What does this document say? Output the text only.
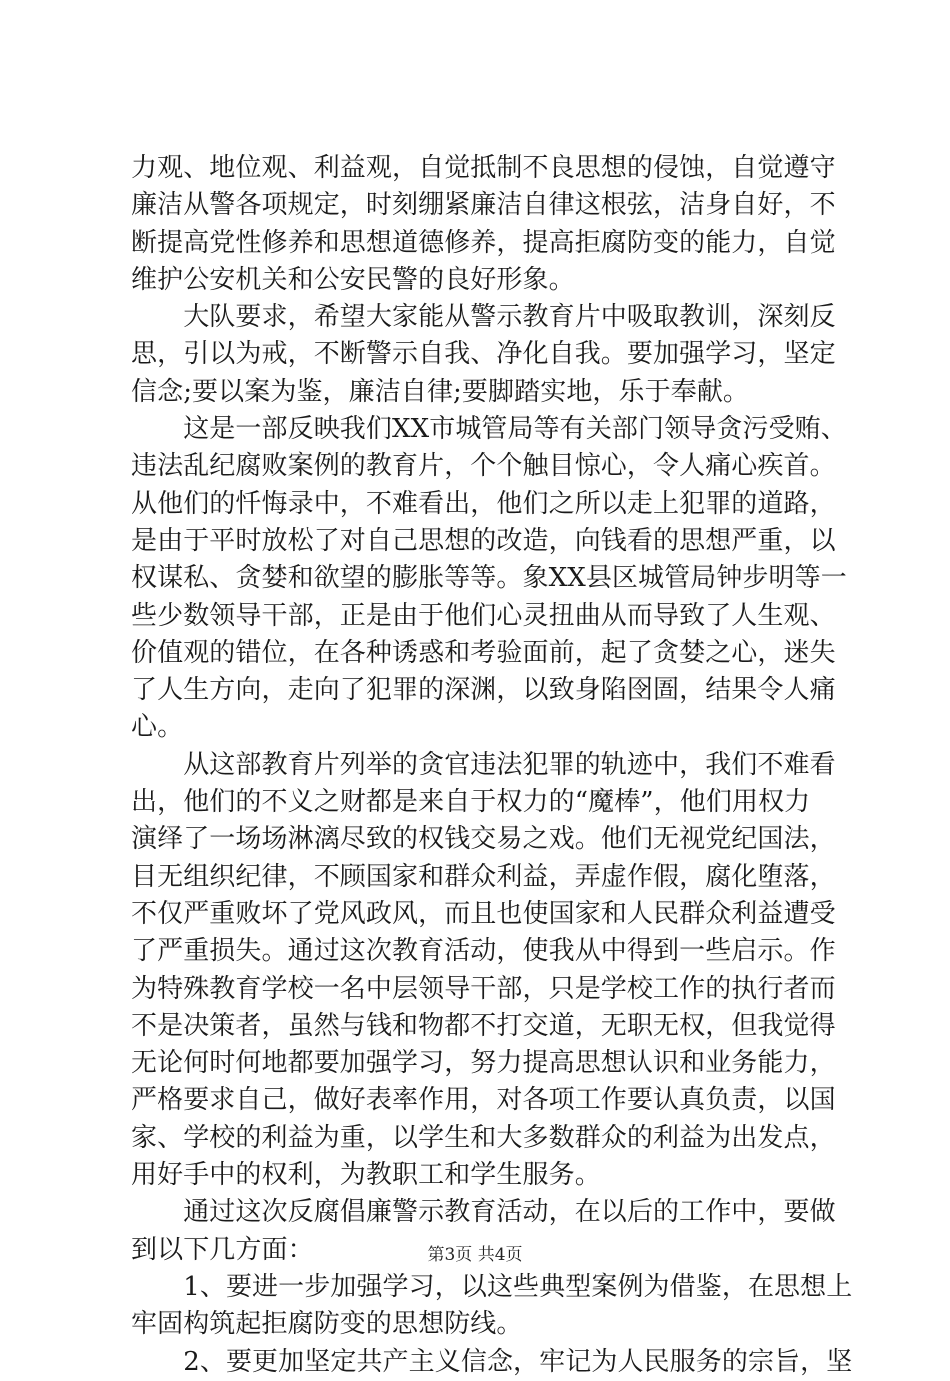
力观、地位观、利益观，自觉抵制不良思想的侵蚀，自觉遵守
廉洁从警各项规定，时刻绷紧廉洁自律这根弦，洁身自好，不
断提高党性修养和思想道德修养，提高拒腐防变的能力，自觉
维护公安机关和公安民警的良好形象。
　　大队要求，希望大家能从警示教育片中吸取教训，深刻反
思，引以为戒，不断警示自我、净化自我。要加强学习，坚定
信念;要以案为鉴，廉洁自律;要脚踏实地，乐于奉献。
　　这是一部反映我们XX市城管局等有关部门领导贪污受贿、
违法乱纪腐败案例的教育片，个个触目惊心，令人痛心疾首。
从他们的忏悔录中，不难看出，他们之所以走上犯罪的道路，
是由于平时放松了对自己思想的改造，向钱看的思想严重，以
权谋私、贪婪和欲望的膨胀等等。象XX县区城管局钟步明等一
些少数领导干部，正是由于他们心灵扭曲从而导致了人生观、
价值观的错位，在各种诱惑和考验面前，起了贪婪之心，迷失
了人生方向，走向了犯罪的深渊，以致身陷囹圄，结果令人痛
心。
　　从这部教育片列举的贪官违法犯罪的轨迹中，我们不难看
出，他们的不义之财都是来自于权力的“魔棒”，他们用权力
演绎了一场场淋漓尽致的权钱交易之戏。他们无视党纪国法，
目无组织纪律，不顾国家和群众利益，弄虚作假，腐化堕落，
不仅严重败坏了党风政风，而且也使国家和人民群众利益遭受
了严重损失。通过这次教育活动，使我从中得到一些启示。作
为特殊教育学校一名中层领导干部，只是学校工作的执行者而
不是决策者，虽然与钱和物都不打交道，无职无权，但我觉得
无论何时何地都要加强学习，努力提高思想认识和业务能力，
严格要求自己，做好表率作用，对各项工作要认真负责，以国
家、学校的利益为重，以学生和大多数群众的利益为出发点，
用好手中的权利，为教职工和学生服务。
　　通过这次反腐倡廉警示教育活动，在以后的工作中，要做
到以下几方面：
　　1、要进一步加强学习，以这些典型案例为借鉴，在思想上
牢固构筑起拒腐防变的思想防线。
　　2、要更加坚定共产主义信念，牢记为人民服务的宗旨，坚
第3页 共4页
